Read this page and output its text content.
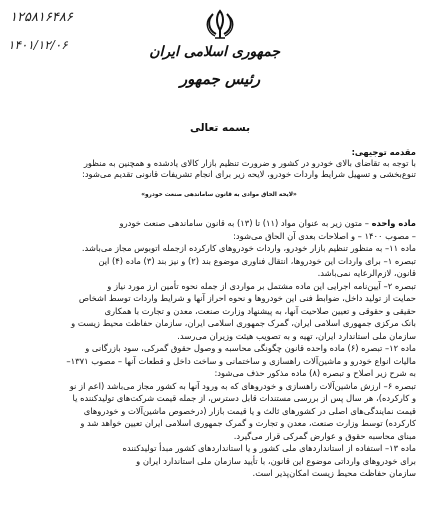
۱۲۵۸۱۶۴۸۶
۱۴۰۱/۱۲/۰۶	جمهوری اسلامی ایران
رئیس جمهور
بسمه تعالی
مقدمه توجیهی:
با توجه به تقاضای بالای خودرو در کشور و ضرورت تنظیم بازار کالای یادشده و همچنین به منظور
تنوع‌بخشی و تسهیل شرایط واردات خودرو، لایحه زیر برای انجام تشریفات قانونی تقدیم می‌شود:
«لایحه الحاق موادی به قانون ساماندهی صنعت خودرو»
ماده واحده – متون زیر به عنوان مواد (۱۱) تا (۱۳) به قانون ساماندهی صنعت خودرو
– مصوب ۱۴۰۰ – و اصلاحات بعدی آن الحاق می‌شود:
ماده ۱۱– به منظور تنظیم بازار خودرو، واردات خودروهای کارکرده ازجمله اتوبوس مجاز می‌باشد.
تبصره ۱– برای واردات این خودروها، انتقال فناوری موضوع بند (۲) و نیز بند (۳) ماده (۴) این
قانون، لازم‌الرعایه نمی‌باشد.
تبصره ۲– آیین‌نامه اجرایی این ماده مشتمل بر مواردی از جمله نحوه تأمین ارز مورد نیاز و
حمایت از تولید داخل، ضوابط فنی این خودروها و نحوه احراز آنها و شرایط واردات توسط اشخاص
حقیقی و حقوقی و تعیین صلاحیت آنها، به پیشنهاد وزارت صنعت، معدن و تجارت با همکاری
بانک مرکزی جمهوری اسلامی ایران، گمرک جمهوری اسلامی ایران، سازمان حفاظت محیط زیست و
سازمان ملی استاندارد ایران، تهیه و به تصویب هیئت وزیران می‌رسد.
ماده ۱۲– تبصره (۶) ماده واحده قانون چگونگی محاسبه و وصول حقوق گمرکی، سود بازرگانی و
مالیات انواع خودرو و ماشین‌آلات راهسازی و ساختمانی و ساخت داخل و قطعات آنها – مصوب ۱۳۷۱–
به شرح زیر اصلاح و تبصره (۸) ماده مذکور حذف می‌شود:
تبصره ۶– ارزش ماشین‌آلات راهسازی و خودروهای که به ورود آنها به کشور مجاز می‌باشد (اعم از نو
و کارکرده)، هر سال پس از بررسی مستندات قابل دسترس، از جمله قیمت شرکت‌های تولیدکننده یا
قیمت نمایندگی‌های اصلی در کشورهای ثالث و یا قیمت بازار (درخصوص ماشین‌آلات و خودروهای
کارکرده) توسط وزارت صنعت، معدن و تجارت و گمرک جمهوری اسلامی ایران تعیین خواهد شد و
مبنای محاسبه حقوق و عوارض گمرکی قرار می‌گیرد.
ماده ۱۳– استفاده از استانداردهای ملی کشور و یا استانداردهای کشور مبدأ تولیدکننده
برای خودروهای وارداتی موضوع این قانون، با تأیید سازمان ملی استاندارد ایران و
سازمان حفاظت محیط زیست امکان‌پذیر است.
